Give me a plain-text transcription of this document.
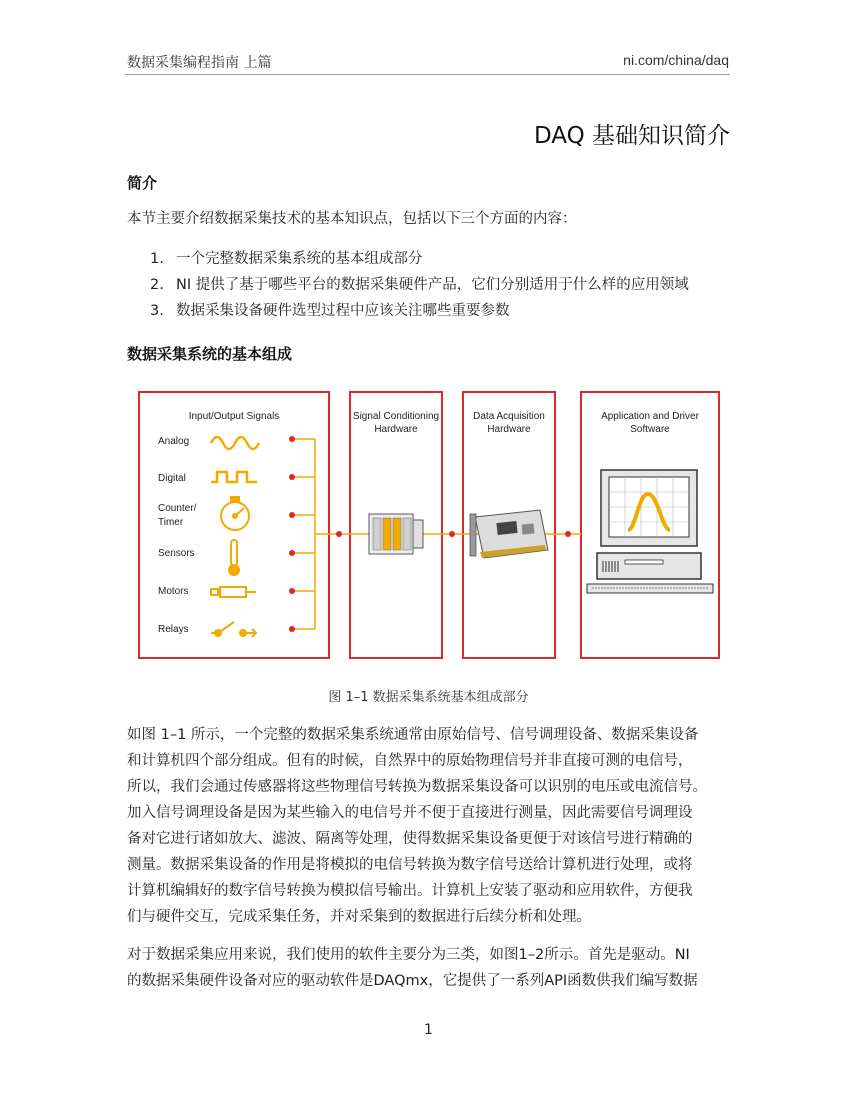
数据采集编程指南 上篇	ni.com/china/daq
DAQ 基础知识简介
简介
本节主要介绍数据采集技术的基本知识点，包括以下三个方面的内容：
1. 一个完整数据采集系统的基本组成部分
2. NI 提供了基于哪些平台的数据采集硬件产品，它们分别适用于什么样的应用领域
3. 数据采集设备硬件选型过程中应该关注哪些重要参数
数据采集系统的基本组成
Input/Output Signals	Signal Conditioning
Hardware
Data Acquisition
Hardware
Application and Driver
Software
Analog
Digital
Counter/
Timer
Sensors
Motors
Relays
图 1–1 数据采集系统基本组成部分
如图 1–1 所示，一个完整的数据采集系统通常由原始信号、信号调理设备、数据采集设备
和计算机四个部分组成。但有的时候，自然界中的原始物理信号并非直接可测的电信号，
所以，我们会通过传感器将这些物理信号转换为数据采集设备可以识别的电压或电流信号。
加入信号调理设备是因为某些输入的电信号并不便于直接进行测量，因此需要信号调理设
备对它进行诸如放大、滤波、隔离等处理，使得数据采集设备更便于对该信号进行精确的
测量。数据采集设备的作用是将模拟的电信号转换为数字信号送给计算机进行处理，或将
计算机编辑好的数字信号转换为模拟信号输出。计算机上安装了驱动和应用软件，方便我
们与硬件交互，完成采集任务，并对采集到的数据进行后续分析和处理。
对于数据采集应用来说，我们使用的软件主要分为三类，如图1–2所示。首先是驱动。NI
的数据采集硬件设备对应的驱动软件是DAQmx，它提供了一系列API函数供我们编写数据
1
